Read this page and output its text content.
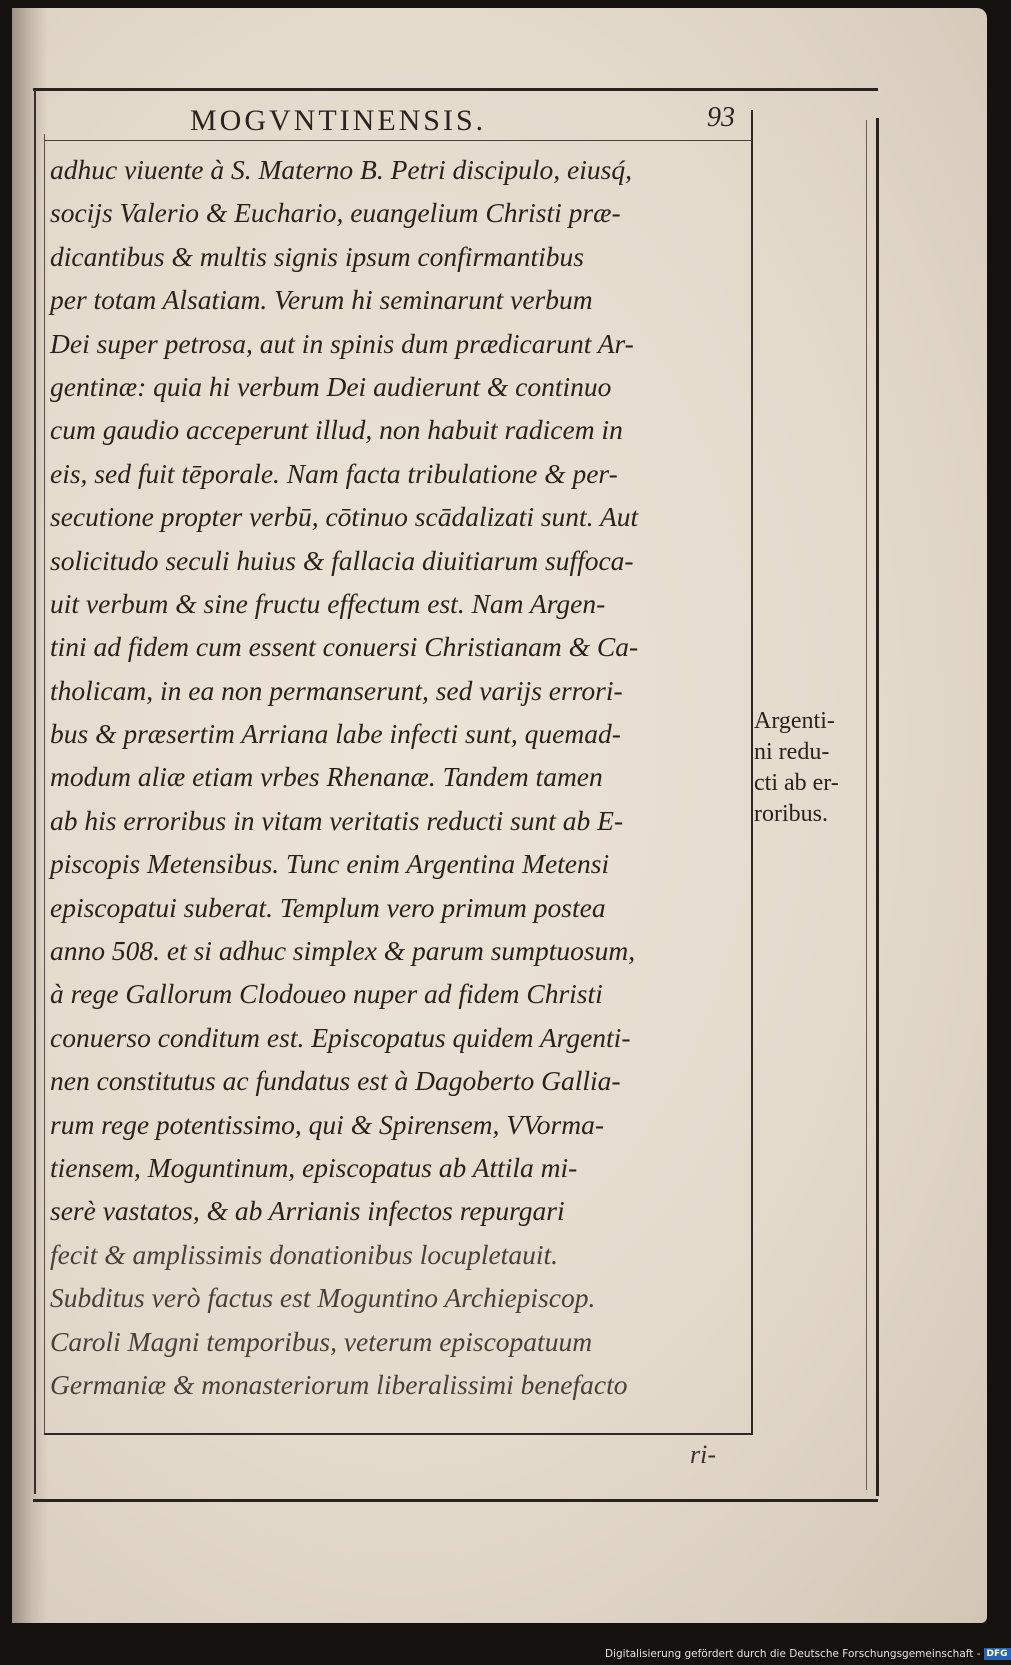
MOGVNTINENSIS.	93
adhuc viuente à S. Materno B. Petri discipulo, eiusq́,
socijs Valerio & Euchario, euangelium Christi præ-
dicantibus & multis signis ipsum confirmantibus
per totam Alsatiam. Verum hi seminarunt verbum
Dei super petrosa, aut in spinis dum prædicarunt Ar-
gentinæ: quia hi verbum Dei audierunt & continuo
cum gaudio acceperunt illud, non habuit radicem in
eis, sed fuit tēporale. Nam facta tribulatione & per-
secutione propter verbū, cōtinuo scādalizati sunt. Aut
solicitudo seculi huius & fallacia diuitiarum suffoca-
uit verbum & sine fructu effectum est. Nam Argen-
tini ad fidem cum essent conuersi Christianam & Ca-
tholicam, in ea non permanserunt, sed varijs errori-
bus & præsertim Arriana labe infecti sunt, quemad-
modum aliæ etiam vrbes Rhenanæ. Tandem tamen
ab his erroribus in vitam veritatis reducti sunt ab E-
piscopis Metensibus. Tunc enim Argentina Metensi
episcopatui suberat. Templum vero primum postea
anno 508. et si adhuc simplex & parum sumptuosum,
à rege Gallorum Clodoueo nuper ad fidem Christi
conuerso conditum est. Episcopatus quidem Argenti-
nen constitutus ac fundatus est à Dagoberto Gallia-
rum rege potentissimo, qui & Spirensem, VVorma-
tiensem, Moguntinum, episcopatus ab Attila mi-
serè vastatos, & ab Arrianis infectos repurgari
fecit & amplissimis donationibus locupletauit.
Subditus verò factus est Moguntino Archiepiscop.
Caroli Magni temporibus, veterum episcopatuum
Germaniæ & monasteriorum liberalissimi benefacto
ri-
Argenti-
ni redu-
cti ab er-
roribus.
Digitalisierung gefördert durch die Deutsche Forschungsgemeinschaft - DFG
